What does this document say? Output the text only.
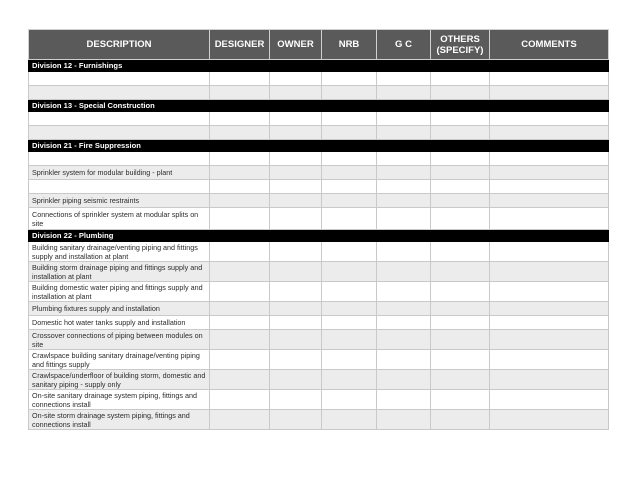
DESCRIPTION	DESIGNER	OWNER	NRB	G C	OTHERS (SPECIFY)	COMMENTS
Division 12 - Furnishings						

Division 13 - Special Construction						

Division 21 - Fire Suppression						

Sprinkler system for modular building - plant						

Sprinkler piping seismic restraints						
Connections of sprinkler system at modular splits on site						
Division 22 - Plumbing						
Building sanitary drainage/venting piping and fittings supply and installation at plant						
Building storm drainage piping and fittings supply and installation at plant						
Building domestic water piping and fittings supply and installation at plant						
Plumbing fixtures supply and installation						
Domestic hot water tanks supply and installation						
Crossover connections of piping between modules on site						
Crawlspace building sanitary drainage/venting piping and fittings supply						
Crawlspace/underfloor of building storm, domestic and sanitary piping - supply only						
On-site sanitary drainage system piping, fittings and connections install						
On-site storm drainage system piping, fittings and connections install						
